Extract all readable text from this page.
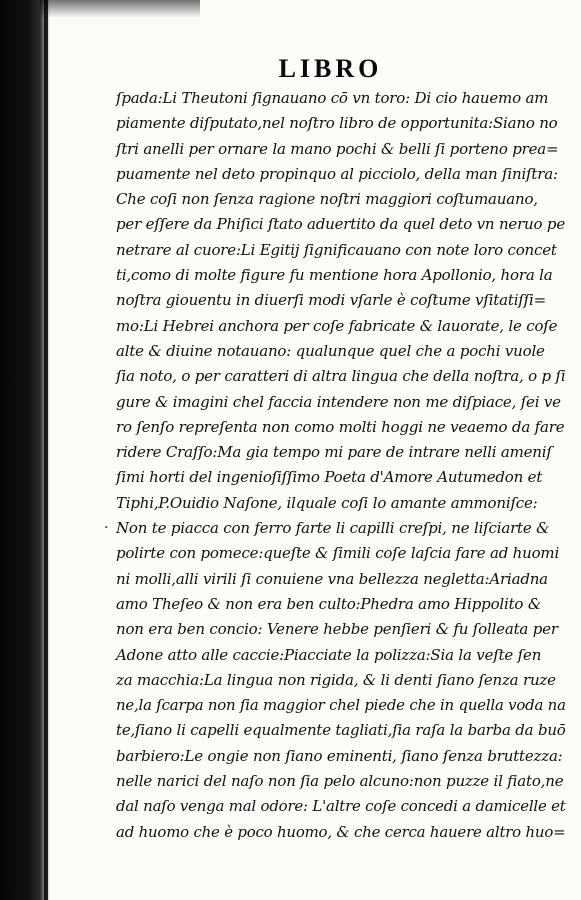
LIBRO
·
ſpada:Li Theutoni ſignauano cō vn toro: Di cio hauemo am
piamente diſputato,nel noſtro libro de opportunita:Siano no
ſtri anelli per ornare la mano pochi & belli ſi porteno prea=
puamente nel deto propinquo al picciolo, della man ſiniſtra:
Che coſi non ſenza ragione noſtri maggiori coſtumauano,
per eſſere da Phiſici ſtato aduertito da quel deto vn neruo pe
netrare al cuore:Li Egitij ſignificauano con note loro concet
ti,como di molte figure fu mentione hora Apollonio, hora la
noſtra giouentu in diuerſi modi vſarle è coſtume vſitatiſſi=
mo:Li Hebrei anchora per coſe fabricate & lauorate, le coſe
alte & diuine notauano: qualunque quel che a pochi vuole
ſia noto, o per caratteri di altra lingua che della noſtra, o p ſi
gure & imagini chel faccia intendere non me diſpiace, ſei ve
ro ſenſo repreſenta non como molti hoggi ne veaemo da fare
ridere Craſſo:Ma gia tempo mi pare de intrare nelli ameniſ
ſimi horti del ingenioſiſſimo Poeta d'Amore Autumedon et
Tiphi,P.Ouidio Naſone, ilquale coſi lo amante ammoniſce:
Non te piacca con ferro farte li capilli creſpi, ne liſciarte &
polirte con pomece:queſte & ſimili coſe laſcia fare ad huomi
ni molli,alli virili ſi conuiene vna bellezza negletta:Ariadna
amo Theſeo & non era ben culto:Phedra amo Hippolito &
non era ben concio: Venere hebbe penſieri & fu ſolleata per
Adone atto alle caccie:Piacciate la polizza:Sia la veſte ſen
za macchia:La lingua non rigida, & li denti ſiano ſenza ruze
ne,la ſcarpa non ſia maggior chel piede che in quella voda na
te,ſiano li capelli equalmente tagliati,ſia raſa la barba da buō
barbiero:Le ongie non ſiano eminenti, ſiano ſenza bruttezza:
nelle narici del naſo non ſia pelo alcuno:non puzze il fiato,ne
dal naſo venga mal odore: L'altre coſe concedi a damicelle et
ad huomo che è poco huomo, & che cerca hauere altro huo=
